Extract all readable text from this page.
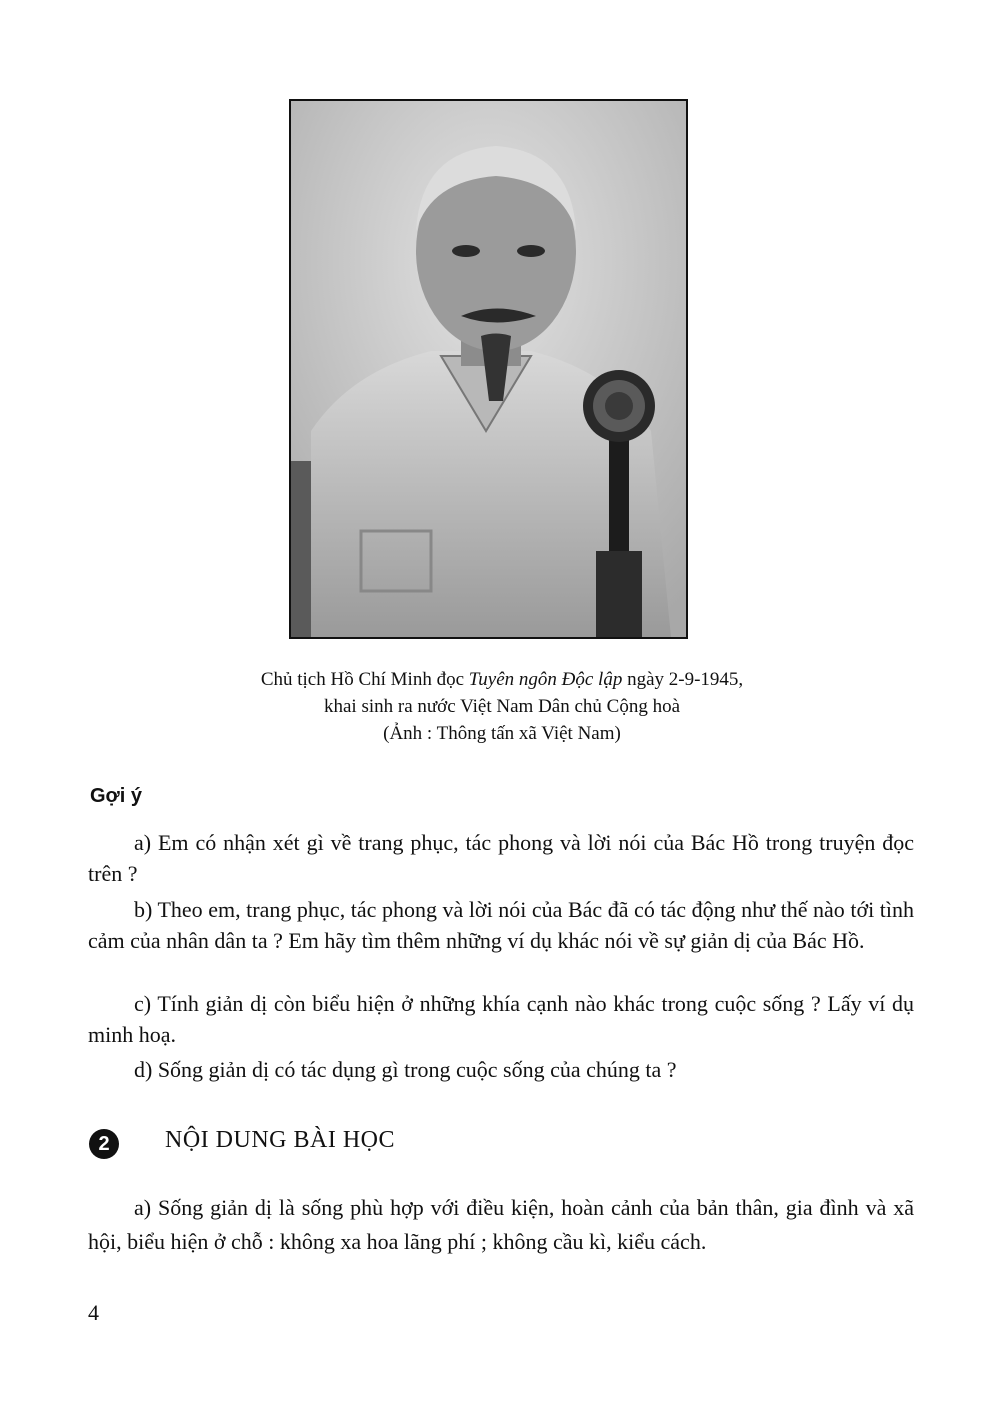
Chủ tịch Hồ Chí Minh đọc Tuyên ngôn Độc lập ngày 2-9-1945,
khai sinh ra nước Việt Nam Dân chủ Cộng hoà
(Ảnh : Thông tấn xã Việt Nam)
Gợi ý
a) Em có nhận xét gì về trang phục, tác phong và lời nói của Bác Hồ trong truyện đọc trên ?
b) Theo em, trang phục, tác phong và lời nói của Bác đã có tác động như thế nào tới tình cảm của nhân dân ta ? Em hãy tìm thêm những ví dụ khác nói về sự giản dị của Bác Hồ.
c) Tính giản dị còn biểu hiện ở những khía cạnh nào khác trong cuộc sống ? Lấy ví dụ minh hoạ.
d) Sống giản dị có tác dụng gì trong cuộc sống của chúng ta ?
2	NỘI DUNG BÀI HỌC
a) Sống giản dị là sống phù hợp với điều kiện, hoàn cảnh của bản thân, gia đình và xã hội, biểu hiện ở chỗ : không xa hoa lãng phí ; không cầu kì, kiểu cách.
4
